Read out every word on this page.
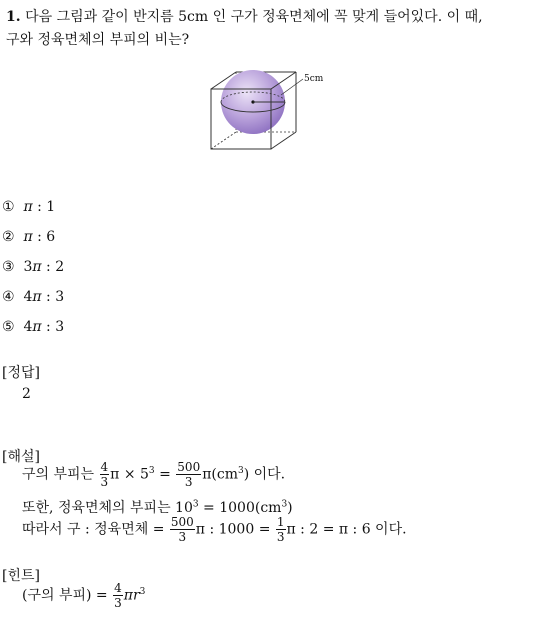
1. 다음 그림과 같이 반지름 5cm 인 구가 정육면체에 꼭 맞게 들어있다. 이 때,
구와 정육면체의 부피의 비는?
5cm
① π : 1
② π : 6
③ 3π : 2
④ 4π : 3
⑤ 4π : 3
[정답]
2
[해설]
구의 부피는 $\frac{4}{3}$ $\pi \times 5^3 = \frac{500}{3} \pi(cm^3)$ 이다.
또한, 정육면체의 부피는 $10^3 = 1000(cm^3)$
따라서 구 : 정육면체 = $\frac{500}{3}$ π : $1000 = \frac{1}{3}$ π : 2 = π : 6 이다.
[힌트]
(구의 부피) = $\frac{4}{3} \pi r^3$
